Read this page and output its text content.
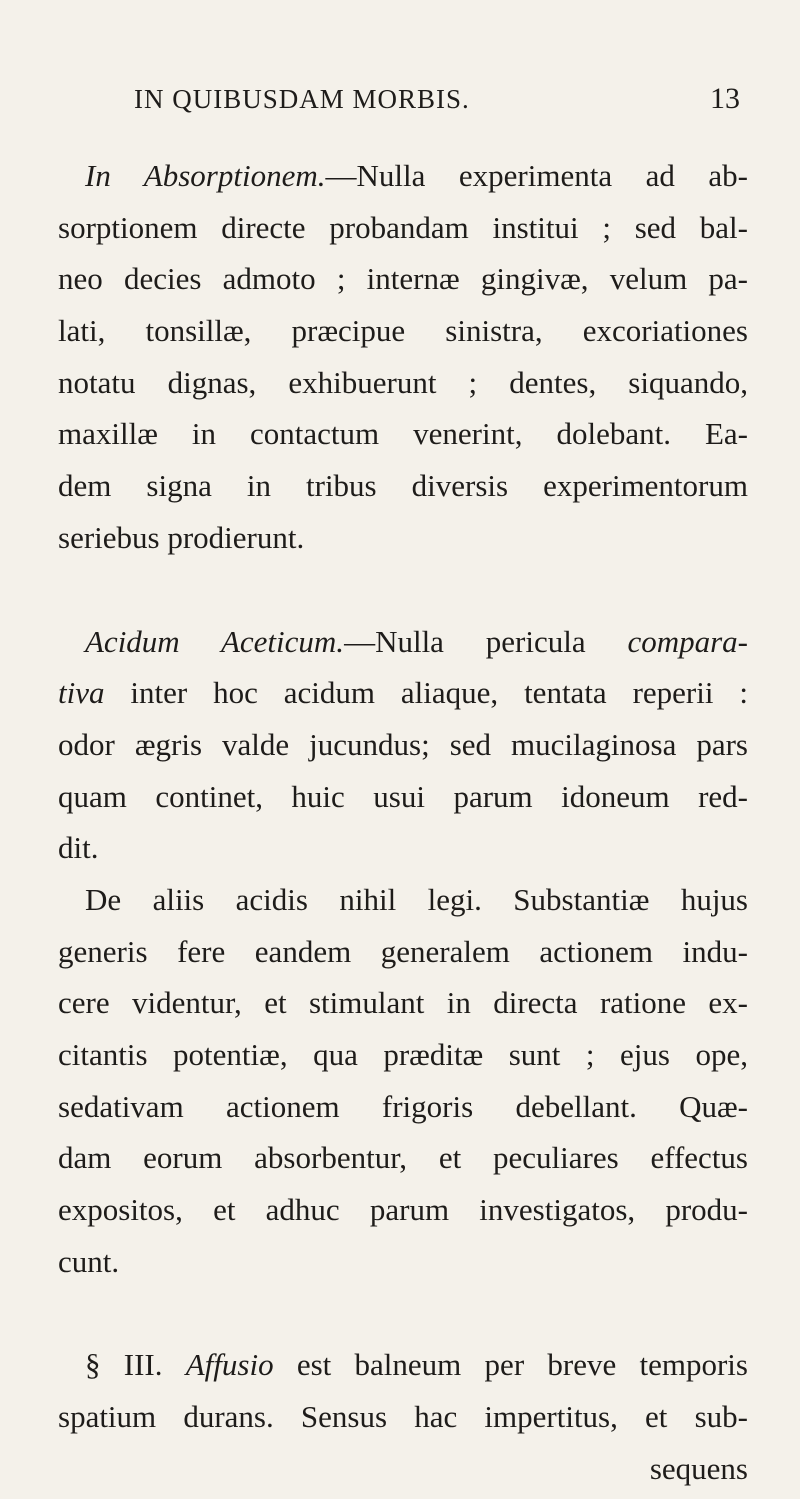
IN QUIBUSDAM MORBIS.	13
In Absorptionem.—Nulla experimenta ad ab-
sorptionem directe probandam institui ; sed bal-
neo decies admoto ; internæ gingivæ, velum pa-
lati, tonsillæ, præcipue sinistra, excoriationes
notatu dignas, exhibuerunt ; dentes, siquando,
maxillæ in contactum venerint, dolebant. Ea-
dem signa in tribus diversis experimentorum
seriebus prodierunt.
Acidum Aceticum.—Nulla pericula compara-
tiva inter hoc acidum aliaque, tentata reperii :
odor ægris valde jucundus; sed mucilaginosa pars
quam continet, huic usui parum idoneum red-
dit.
De aliis acidis nihil legi. Substantiæ hujus
generis fere eandem generalem actionem indu-
cere videntur, et stimulant in directa ratione ex-
citantis potentiæ, qua præditæ sunt ; ejus ope,
sedativam actionem frigoris debellant. Quæ-
dam eorum absorbentur, et peculiares effectus
expositos, et adhuc parum investigatos, produ-
cunt.
§ III. Affusio est balneum per breve temporis
spatium durans. Sensus hac impertitus, et sub-
sequens
